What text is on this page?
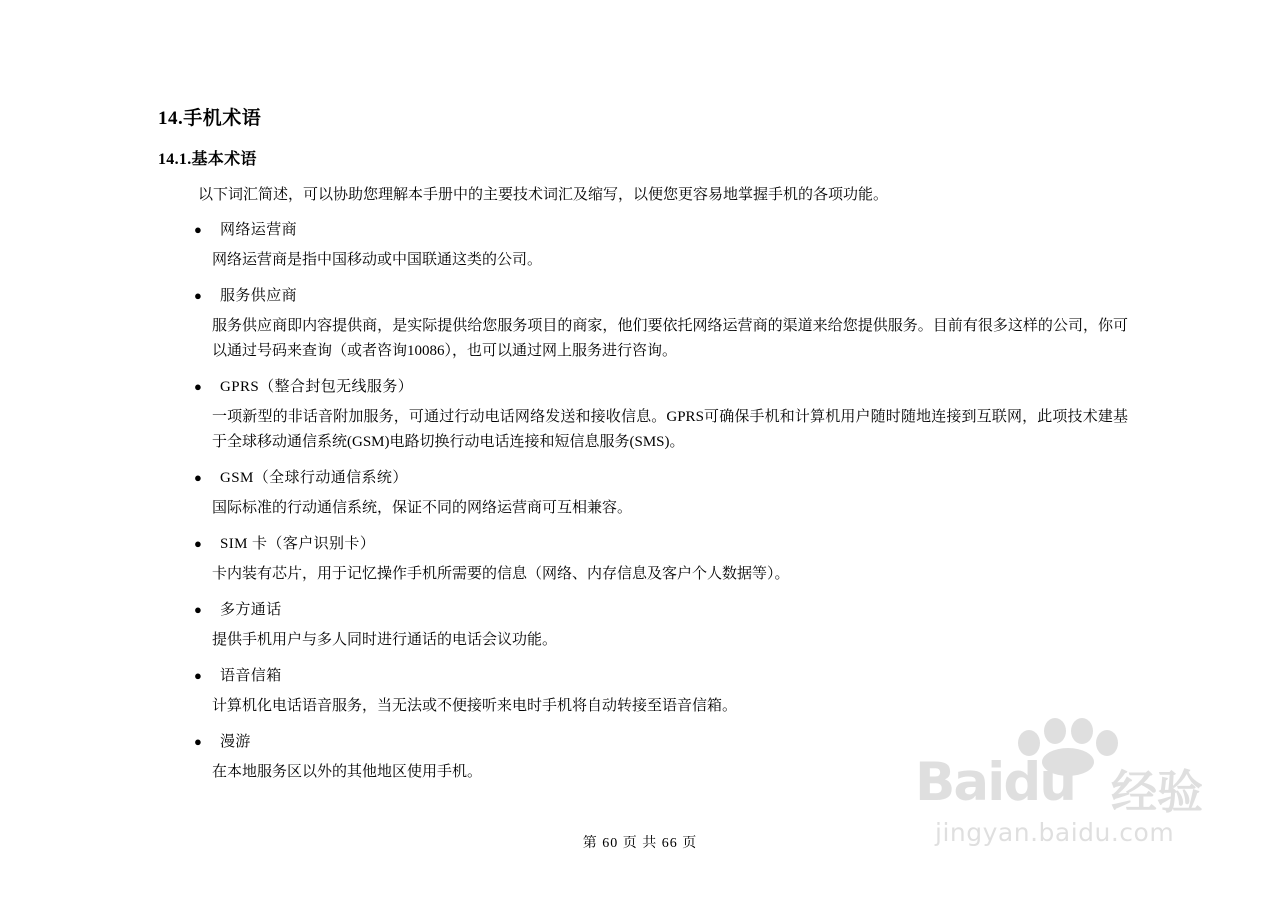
14.手机术语
14.1.基本术语

以下词汇简述，可以协助您理解本手册中的主要技术词汇及缩写，以便您更容易地掌握手机的各项功能。

● 网络运营商
网络运营商是指中国移动或中国联通这类的公司。
● 服务供应商
服务供应商即内容提供商，是实际提供给您服务项目的商家，他们要依托网络运营商的渠道来给您提供服务。目前有很多这样的公司，你可以通过号码来查询（或者咨询10086），也可以通过网上服务进行咨询。
● GPRS（整合封包无线服务）
一项新型的非话音附加服务，可通过行动电话网络发送和接收信息。GPRS可确保手机和计算机用户随时随地连接到互联网，此项技术建基于全球移动通信系统(GSM)电路切换行动电话连接和短信息服务(SMS)。
● GSM（全球行动通信系统）
国际标准的行动通信系统，保证不同的网络运营商可互相兼容。
● SIM 卡（客户识别卡）
卡内装有芯片，用于记忆操作手机所需要的信息（网络、内存信息及客户个人数据等）。
● 多方通话
提供手机用户与多人同时进行通话的电话会议功能。
● 语音信箱
计算机化电话语音服务，当无法或不便接听来电时手机将自动转接至语音信箱。
● 漫游
在本地服务区以外的其他地区使用手机。
第 60 页 共 66 页
Baidu 经验
jingyan.baidu.com
